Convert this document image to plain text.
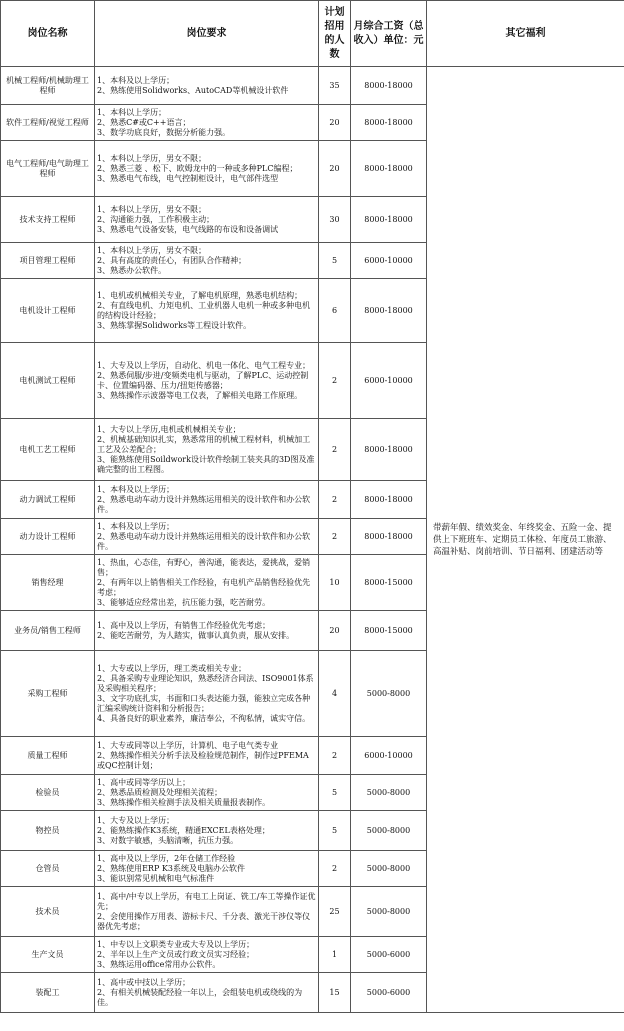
岗位名称	岗位要求	计划招用的人数	月综合工资（总收入）单位：元	其它福利
机械工程师/机械助理工程师	1、本科及以上学历；
2、熟练使用Solidworks、AutoCAD等机械设计软件	35	8000-18000	带薪年假、绩效奖金、年终奖金、五险一金、提供上下班班车、定期员工体检、年度员工旅游、高温补贴、岗前培训、节日福利、团建活动等
软件工程师/视觉工程师	1、本科以上学历；
2、熟悉C#或C++语言；
3、数学功底良好，数据分析能力强。	20	8000-18000	
电气工程师/电气助理工程师	1、本科以上学历，男女不限；
2、熟悉三菱 、松下、欧姆龙中的一种或多种PLC编程；
3、熟悉电气布线，电气控制柜设计，电气部件选型	20	8000-18000	
技术支持工程师	1、本科以上学历，男女不限；
2、沟通能力强，工作积极主动；
3、熟悉电气设备安装，电气线路的布设和设备调试	30	8000-18000	
项目管理工程师	1、本科以上学历，男女不限；
2、具有高度的责任心，有团队合作精神；
3、熟悉办公软件。	5	6000-10000	
电机设计工程师	1、电机或机械相关专业，了解电机原理，熟悉电机结构；
2、有直线电机、力矩电机、工业机器人电机一种或多种电机的结构设计经验；
3、熟练掌握Solidworks等工程设计软件。	6	8000-18000	
电机测试工程师	1、大专及以上学历，自动化、机电一体化、电气工程专业；
2、熟悉伺服/步进/变频类电机与驱动，了解PLC、运动控制卡、位置编码器、压力/扭矩传感器；
3、熟练操作示波器等电工仪表，了解相关电路工作原理。	2	6000-10000	
电机工艺工程师	1、大专以上学历,电机或机械相关专业；
2、机械基础知识扎实，熟悉常用的机械工程材料，机械加工工艺及公差配合；
3、能熟练使用Soildwork设计软件绘制工装夹具的3D图及准确完整的出工程图。	2	8000-18000	
动力调试工程师	1、本科及以上学历；
2、熟悉电动车动力设计并熟练运用相关的设计软件和办公软件。	2	8000-18000	
动力设计工程师	1、本科及以上学历；
2、熟悉电动车动力设计并熟练运用相关的设计软件和办公软件。	2	8000-18000	
销售经理	1、热血，心态佳，有野心，善沟通，能表达，爱挑战，爱销售；
2、有两年以上销售相关工作经验，有电机产品销售经验优先考虑；
3、能够适应经常出差，抗压能力强，吃苦耐劳。	10	8000-15000	
业务员/销售工程师	1、高中及以上学历，有销售工作经验优先考虑；
2、能吃苦耐劳，为人踏实，做事认真负责，服从安排。	20	8000-15000	
采购工程师	1、大专或以上学历，理工类或相关专业；
2、具备采购专业理论知识，熟悉经济合同法、ISO9001体系及采购相关程序；
3、文字功底扎实，书面和口头表达能力强，能独立完成各种汇编采购统计资料和分析报告；
4、具备良好的职业素养，廉洁奉公，不徇私情，诚实守信。	4	5000-8000	
质量工程师	1、大专或同等以上学历，计算机、电子电气类专业
2、熟练操作相关分析手法及检验规范制作，制作过PFEMA或QC控制计划；	2	6000-10000	
检验员	1、高中或同等学历以上；
2、熟悉品质检测及处理相关流程；
3、熟练操作相关检测手法及相关质量报表制作。	5	5000-8000	
物控员	1、大专及以上学历；
2、能熟练操作K3系统，精通EXCEL表格处理；
3、对数字敏感，头脑清晰，抗压力强。	5	5000-8000	
仓管员	1、高中及以上学历，2年仓储工作经验
2、熟练使用ERP K3系统及电脑办公软件
3、能识别常见机械和电气标准件	2	5000-8000	
技术员	1、高中/中专以上学历，有电工上岗证、铣工/车工等操作证优先；
2、会使用操作万用表、游标卡尺、千分表、激光干涉仪等仪器优先考虑；	25	5000-8000	
生产文员	1、中专以上文职类专业或大专及以上学历；
2、半年以上生产文员或行政文员实习经验；
3、熟练运用office常用办公软件。	1	5000-6000	
装配工	1、高中或中技以上学历；
2、有相关机械装配经验一年以上，会组装电机或绕线的为佳。	15	5000-6000	
